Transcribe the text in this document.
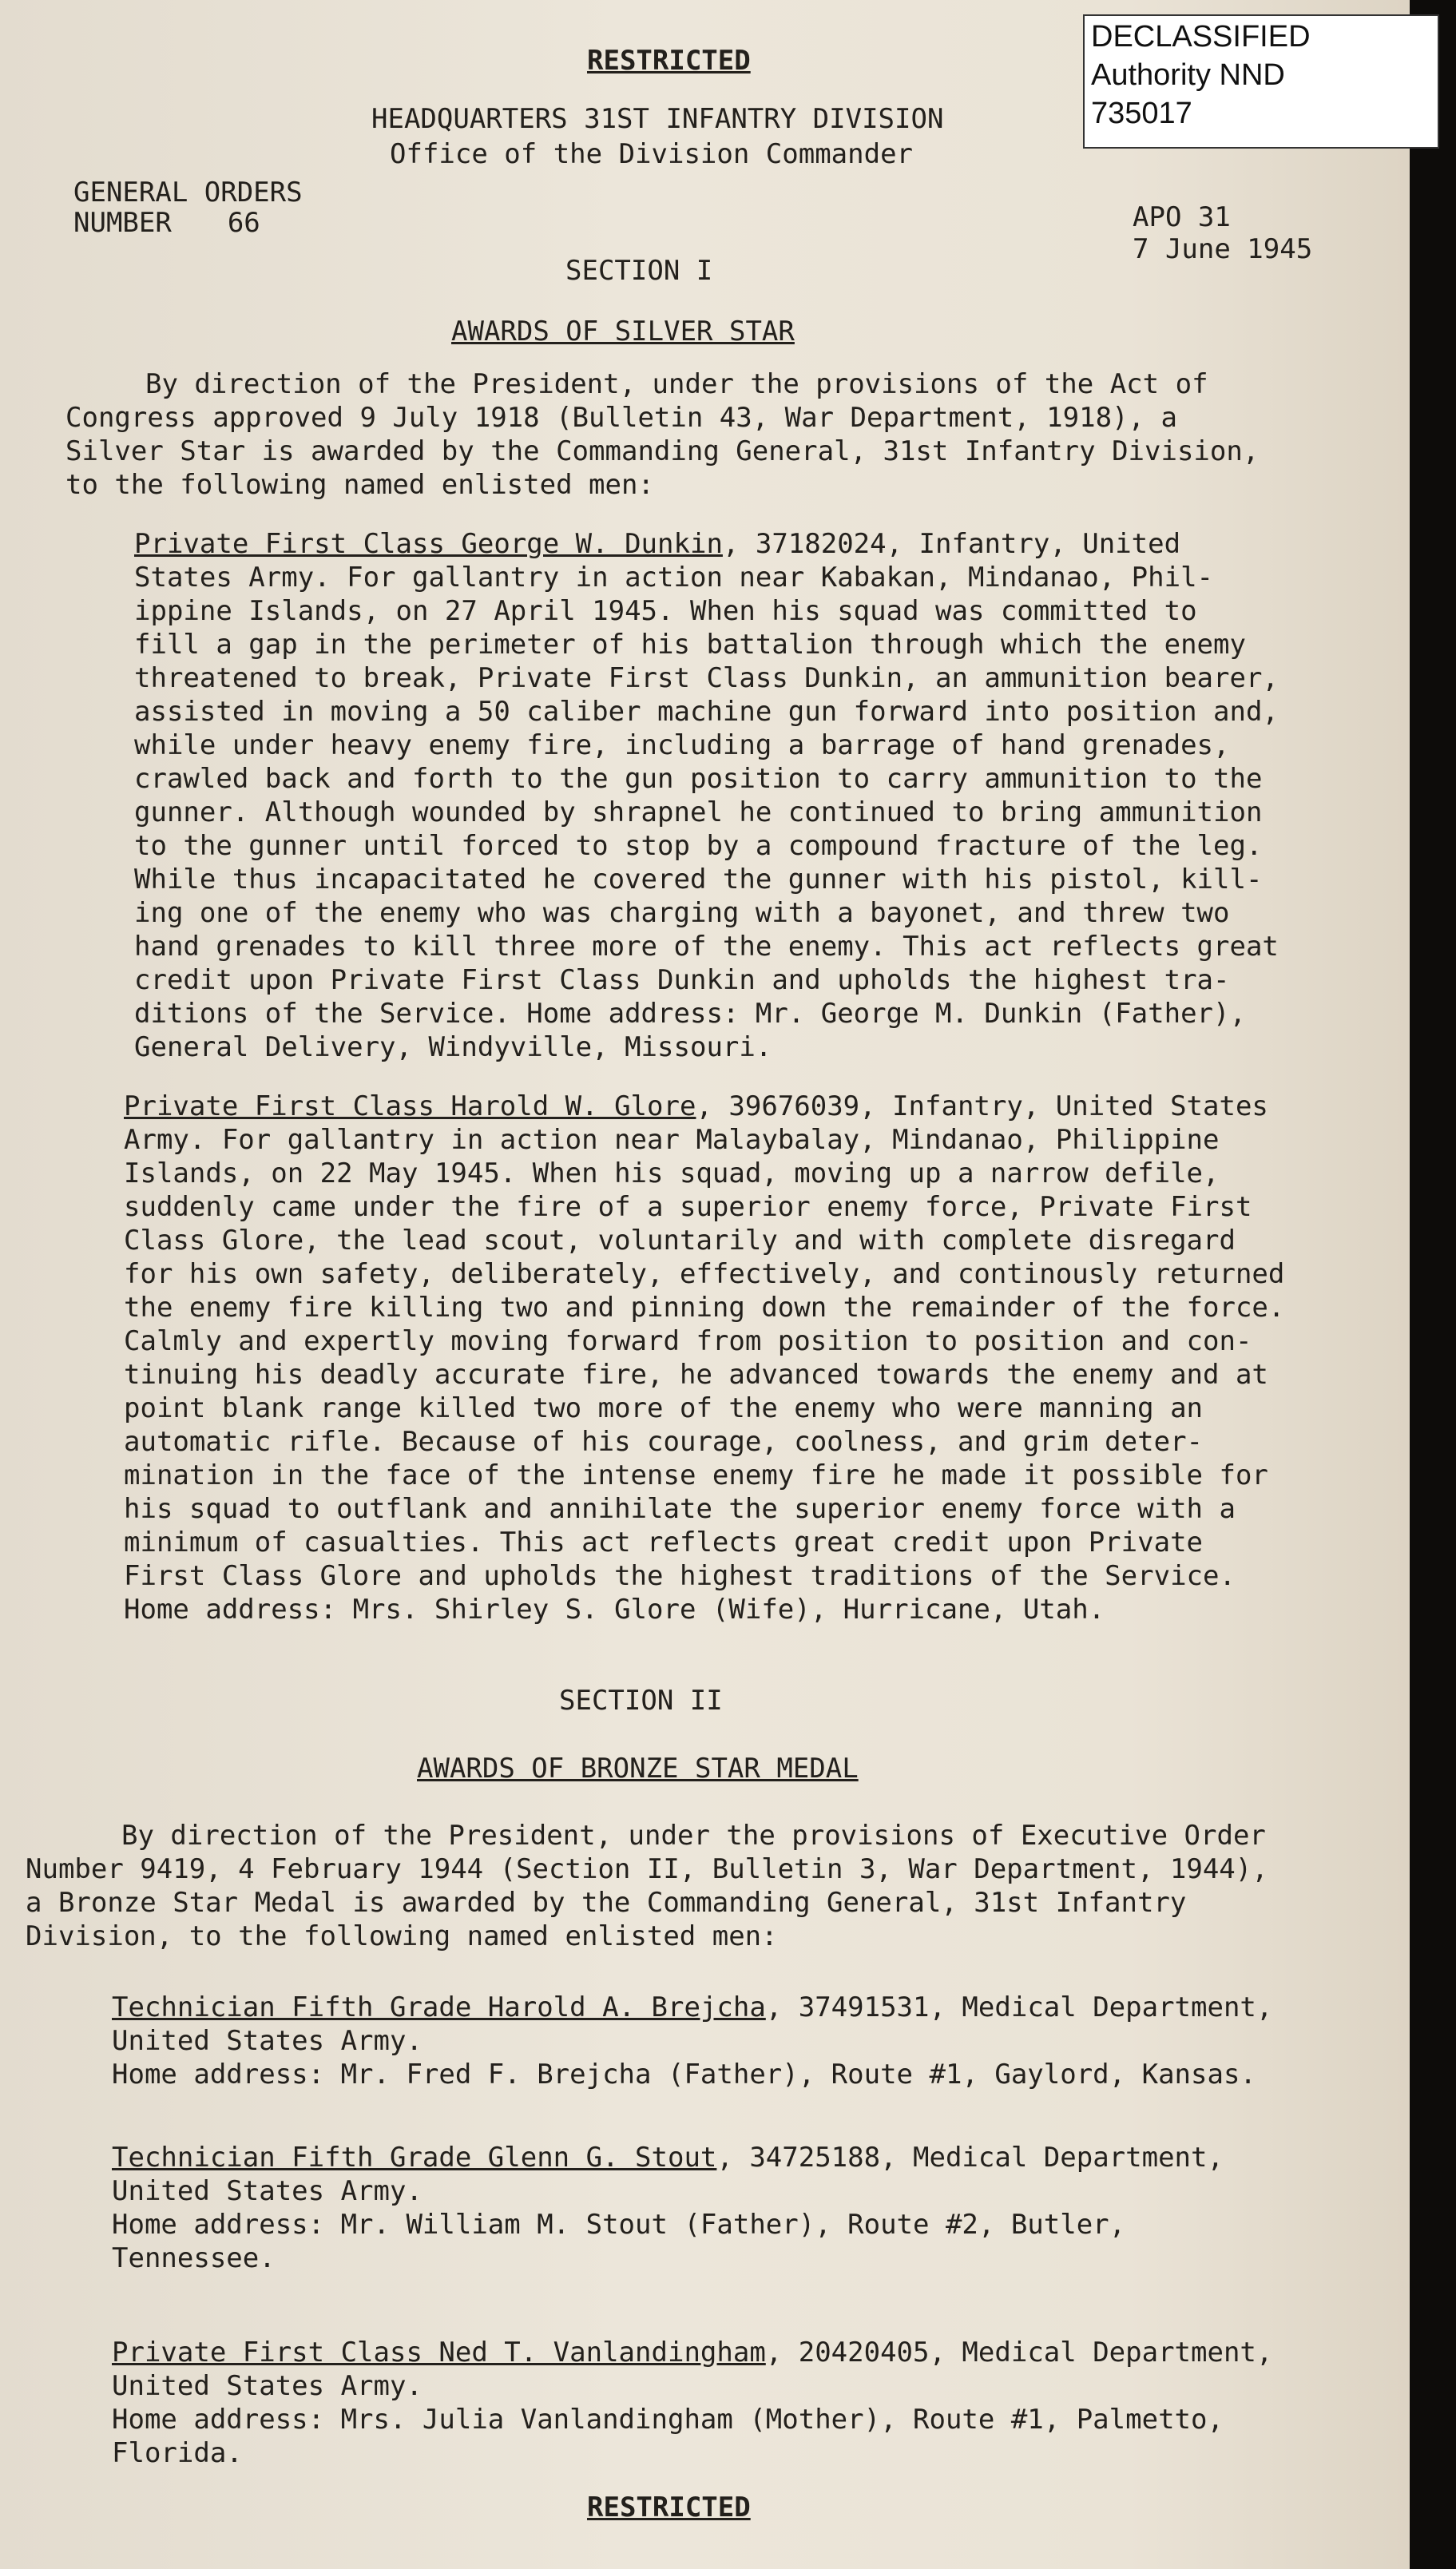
RESTRICTED
HEADQUARTERS 31ST INFANTRY DIVISION
Office of the Division Commander
GENERAL ORDERS
NUMBER 66	APO 31
7 June 1945
SECTION I
AWARDS OF SILVER STAR
By direction of the President, under the provisions of the Act of
Congress approved 9 July 1918 (Bulletin 43, War Department, 1918), a
Silver Star is awarded by the Commanding General, 31st Infantry Division,
to the following named enlisted men:
Private First Class George W. Dunkin, 37182024, Infantry, United
States Army. For gallantry in action near Kabakan, Mindanao, Phil-
ippine Islands, on 27 April 1945. When his squad was committed to
fill a gap in the perimeter of his battalion through which the enemy
threatened to break, Private First Class Dunkin, an ammunition bearer,
assisted in moving a 50 caliber machine gun forward into position and,
while under heavy enemy fire, including a barrage of hand grenades,
crawled back and forth to the gun position to carry ammunition to the
gunner. Although wounded by shrapnel he continued to bring ammunition
to the gunner until forced to stop by a compound fracture of the leg.
While thus incapacitated he covered the gunner with his pistol, kill-
ing one of the enemy who was charging with a bayonet, and threw two
hand grenades to kill three more of the enemy. This act reflects great
credit upon Private First Class Dunkin and upholds the highest tra-
ditions of the Service. Home address: Mr. George M. Dunkin (Father),
General Delivery, Windyville, Missouri.
Private First Class Harold W. Glore, 39676039, Infantry, United States
Army. For gallantry in action near Malaybalay, Mindanao, Philippine
Islands, on 22 May 1945. When his squad, moving up a narrow defile,
suddenly came under the fire of a superior enemy force, Private First
Class Glore, the lead scout, voluntarily and with complete disregard
for his own safety, deliberately, effectively, and continously returned
the enemy fire killing two and pinning down the remainder of the force.
Calmly and expertly moving forward from position to position and con-
tinuing his deadly accurate fire, he advanced towards the enemy and at
point blank range killed two more of the enemy who were manning an
automatic rifle. Because of his courage, coolness, and grim deter-
mination in the face of the intense enemy fire he made it possible for
his squad to outflank and annihilate the superior enemy force with a
minimum of casualties. This act reflects great credit upon Private
First Class Glore and upholds the highest traditions of the Service.
Home address: Mrs. Shirley S. Glore (Wife), Hurricane, Utah.
SECTION II
AWARDS OF BRONZE STAR MEDAL
By direction of the President, under the provisions of Executive Order
Number 9419, 4 February 1944 (Section II, Bulletin 3, War Department, 1944),
a Bronze Star Medal is awarded by the Commanding General, 31st Infantry
Division, to the following named enlisted men:
Technician Fifth Grade Harold A. Brejcha, 37491531, Medical Department,
United States Army.
Home address: Mr. Fred F. Brejcha (Father), Route #1, Gaylord, Kansas.
Technician Fifth Grade Glenn G. Stout, 34725188, Medical Department,
United States Army.
Home address: Mr. William M. Stout (Father), Route #2, Butler,
Tennessee.
Private First Class Ned T. Vanlandingham, 20420405, Medical Department,
United States Army.
Home address: Mrs. Julia Vanlandingham (Mother), Route #1, Palmetto,
Florida.
RESTRICTED
DECLASSIFIED
Authority NND
735017
